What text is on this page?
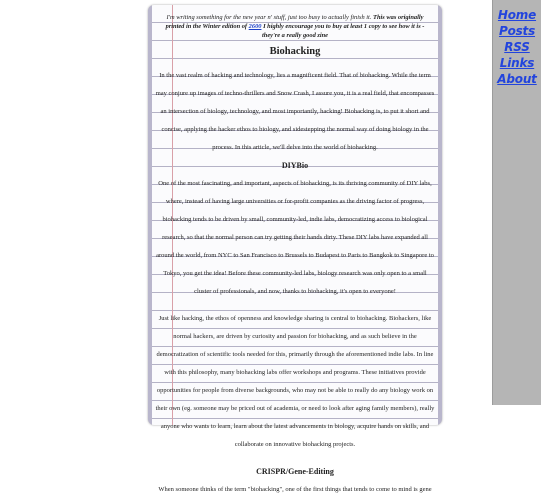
I'm writing something for the new year n' stuff, just too busy to actually finish it. This was originally printed in the Winter edition of 2600 I highly encourage you to buy at least 1 copy to see how it is - they're a really good zine

Biohacking

In the vast realm of hacking and technology, lies a magnificent field. That of biohacking. While the term may conjure up images of techno-thrillers and Snow Crash, I assure you, it is a real field, that encompasses an intersection of biology, technology, and most importantly, hacking! Biohacking is, to put it short and concise, applying the hacker ethos to biology, and sidestepping the normal way of doing biology in the process. In this article, we'll delve into the world of biohacking.

DIYBio

One of the most fascinating, and important, aspects of biohacking, is its thriving community of DIY labs, where, instead of having large universities or for-profit companies as the driving factor of progress, biohacking tends to be driven by small, community-led, indie labs, democratizing access to biological research, so that the normal person can try getting their hands dirty. These DIY labs have expanded all around the world, from NYC to San Francisco to Brussels to Budapest to Paris to Bangkok to Singapore to Tokyo, you get the idea! Before these community-led labs, biology research was only open to a small cluster of professionals, and now, thanks to biohacking, it's open to everyone!

Just like hacking, the ethos of openness and knowledge sharing is central to biohacking. Biohackers, like normal hackers, are driven by curiosity and passion for biohacking, and as such believe in the democratization of scientific tools needed for this, primarily through the aforementioned indie labs. In line with this philosophy, many biohacking labs offer workshops and programs. These initiatives provide opportunities for people from diverse backgrounds, who may not be able to really do any biology work on their own (eg. someone may be priced out of academia, or need to look after aging family members), really anyone who wants to learn, learn about the latest advancements in biology, acquire hands on skills, and collaborate on innovative biohacking projects.

CRISPR/Gene-Editing

When someone thinks of the term "biohacking", one of the first things that tends to come to mind is gene

Home
Posts
RSS
Links
About
